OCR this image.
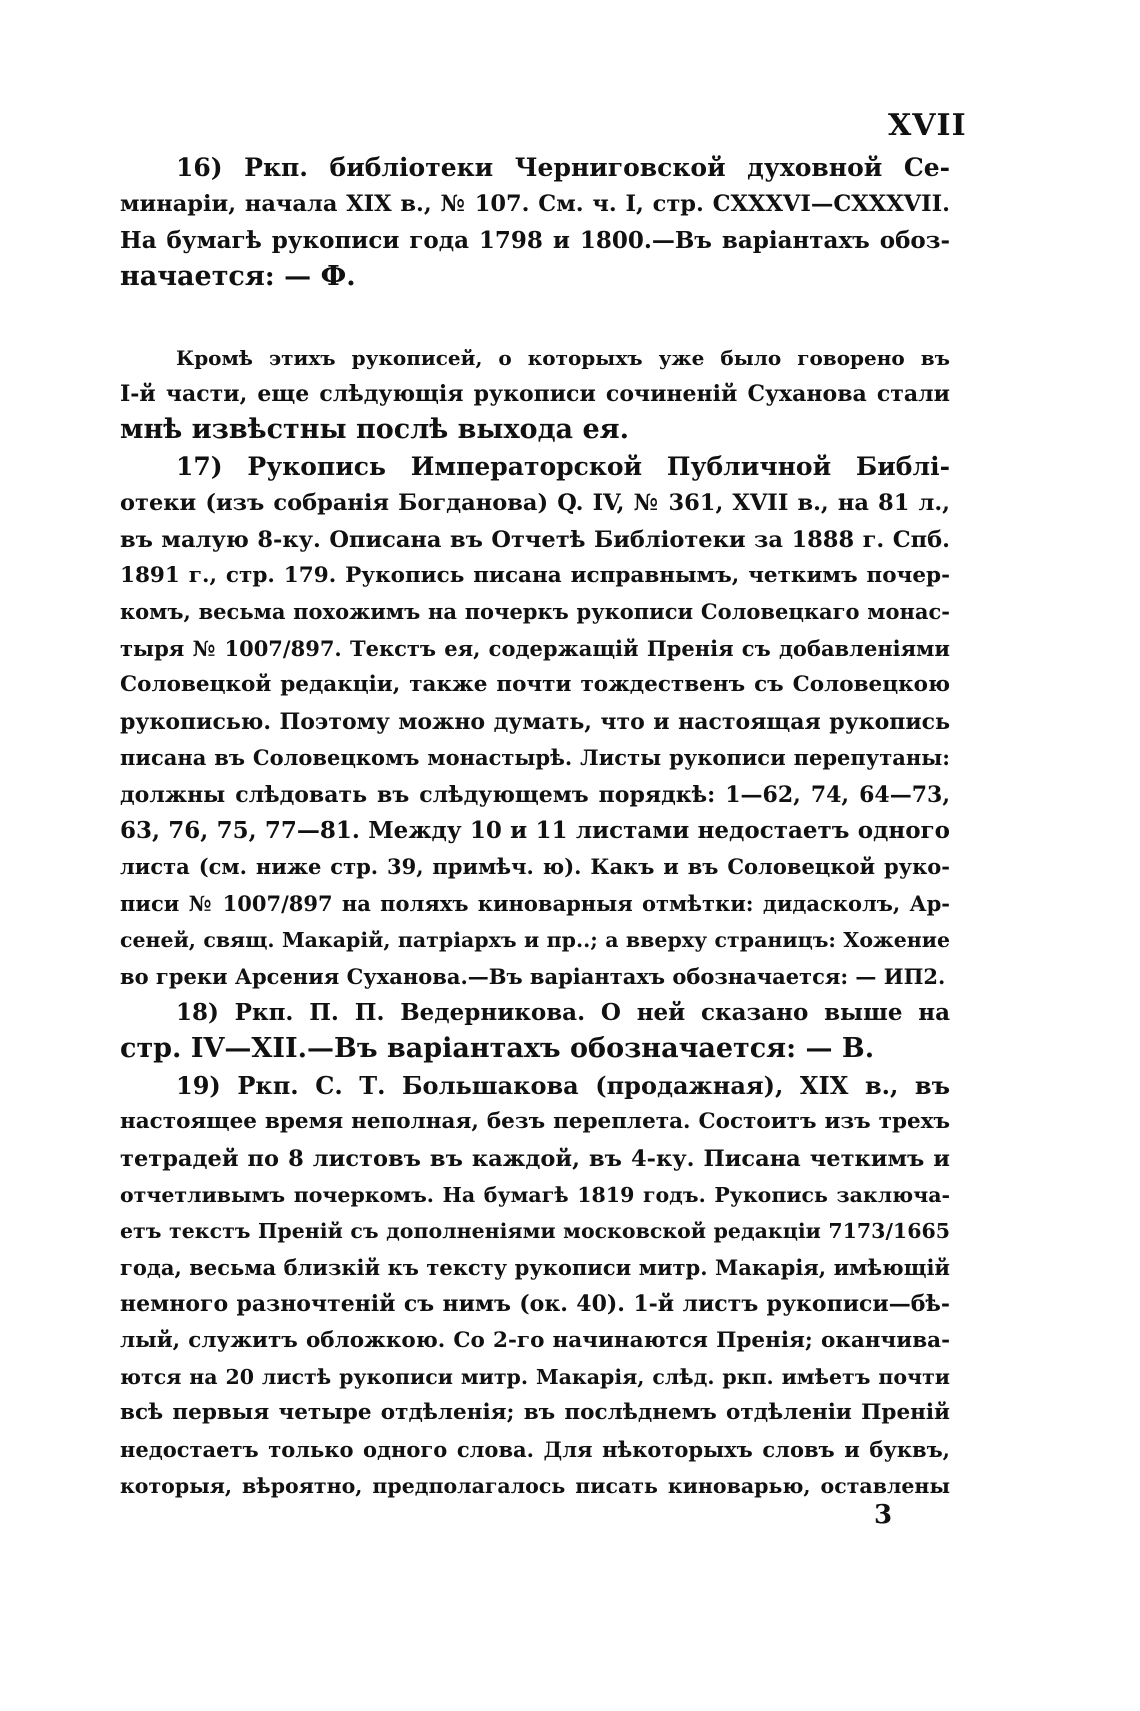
XVII
16) Ркп. библіотеки Черниговской духовной Се-
минаріи, начала XIX в., № 107. См. ч. I, стр. CXXXVI—CXXXVII.
На бумагѣ рукописи года 1798 и 1800.—Въ варіантахъ обоз-
начается: — Ф.
Кромѣ этихъ рукописей, о которыхъ уже было говорено въ
I-й части, еще слѣдующія рукописи сочиненій Суханова стали
мнѣ извѣстны послѣ выхода ея.
17) Рукопись Императорской Публичной Библі-
отеки (изъ собранія Богданова) Q. IV, № 361, XVII в., на 81 л.,
въ малую 8-ку. Описана въ Отчетѣ Библіотеки за 1888 г. Спб.
1891 г., стр. 179. Рукопись писана исправнымъ, четкимъ почер-
комъ, весьма похожимъ на почеркъ рукописи Соловецкаго монас-
тыря № 1007/897. Текстъ ея, содержащій Пренія съ добавленіями
Соловецкой редакціи, также почти тождественъ съ Соловецкою
рукописью. Поэтому можно думать, что и настоящая рукопись
писана въ Соловецкомъ монастырѣ. Листы рукописи перепутаны:
должны слѣдовать въ слѣдующемъ порядкѣ: 1—62, 74, 64—73,
63, 76, 75, 77—81. Между 10 и 11 листами недостаетъ одного
листа (см. ниже стр. 39, примѣч. ю). Какъ и въ Соловецкой руко-
писи № 1007/897 на поляхъ киноварныя отмѣтки: дидасколъ, Ар-
сеней, свящ. Макарій, патріархъ и пр..; а вверху страницъ: Хожение
во греки Арсения Суханова.—Въ варіантахъ обозначается: — ИП2.
18) Ркп. П. П. Ведерникова. О ней сказано выше на
стр. IV—XII.—Въ варіантахъ обозначается: — В.
19) Ркп. С. Т. Большакова (продажная), XIX в., въ
настоящее время неполная, безъ переплета. Состоитъ изъ трехъ
тетрадей по 8 листовъ въ каждой, въ 4-ку. Писана четкимъ и
отчетливымъ почеркомъ. На бумагѣ 1819 годъ. Рукопись заключа-
етъ текстъ Преній съ дополненіями московской редакціи 7173/1665
года, весьма близкій къ тексту рукописи митр. Макарія, имѣющій
немного разночтеній съ нимъ (ок. 40). 1-й листъ рукописи—бѣ-
лый, служитъ обложкою. Со 2-го начинаются Пренія; оканчива-
ются на 20 листѣ рукописи митр. Макарія, слѣд. ркп. имѣетъ почти
всѣ первыя четыре отдѣленія; въ послѣднемъ отдѣленіи Преній
недостаетъ только одного слова. Для нѣкоторыхъ словъ и буквъ,
которыя, вѣроятно, предполагалось писать киноварью, оставлены
3
